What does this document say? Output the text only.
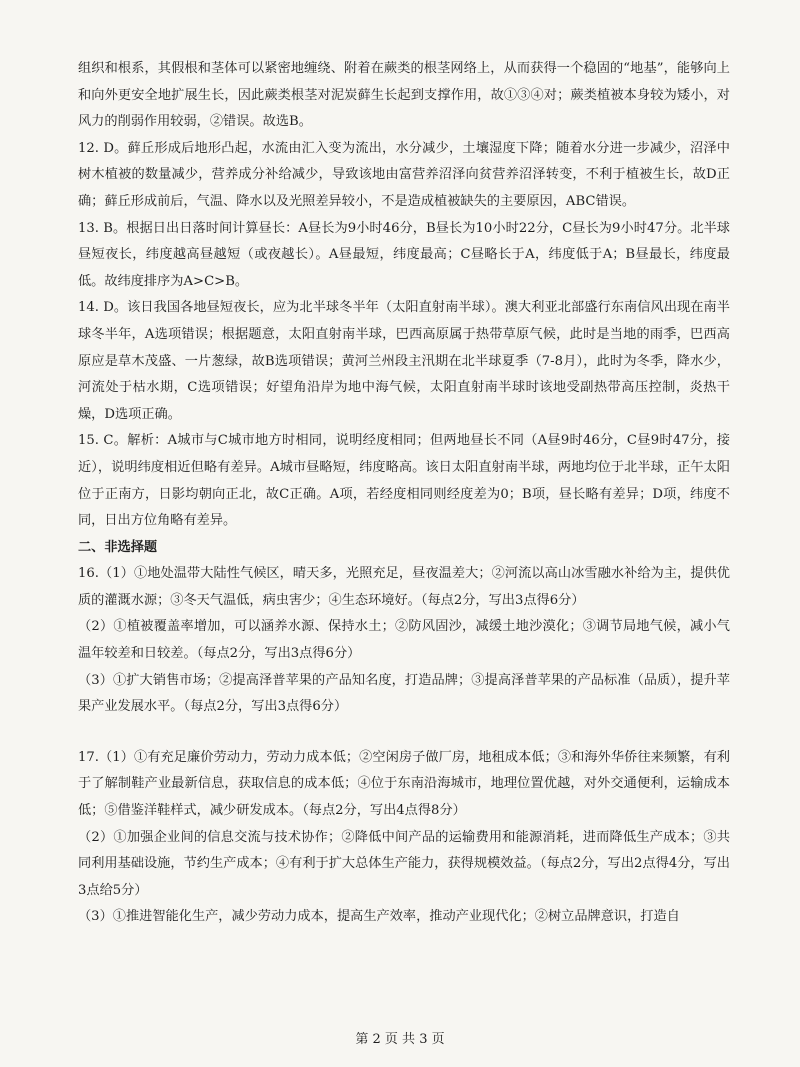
组织和根系，其假根和茎体可以紧密地缠绕、附着在蕨类的根茎网络上，从而获得一个稳固的“地基”，能够向上和向外更安全地扩展生长，因此蕨类根茎对泥炭藓生长起到支撑作用，故①③④对；蕨类植被本身较为矮小，对风力的削弱作用较弱，②错误。故选B。

12. D。藓丘形成后地形凸起，水流由汇入变为流出，水分减少，土壤湿度下降；随着水分进一步减少，沼泽中树木植被的数量减少，营养成分补给减少，导致该地由富营养沼泽向贫营养沼泽转变，不利于植被生长，故D正确；藓丘形成前后，气温、降水以及光照差异较小，不是造成植被缺失的主要原因，ABC错误。

13. B。根据日出日落时间计算昼长：A昼长为9小时46分，B昼长为10小时22分，C昼长为9小时47分。北半球昼短夜长，纬度越高昼越短（或夜越长）。A昼最短，纬度最高；C昼略长于A，纬度低于A；B昼最长，纬度最低。故纬度排序为A>C>B。

14. D。该日我国各地昼短夜长，应为北半球冬半年（太阳直射南半球）。澳大利亚北部盛行东南信风出现在南半球冬半年，A选项错误；根据题意，太阳直射南半球，巴西高原属于热带草原气候，此时是当地的雨季，巴西高原应是草木茂盛、一片葱绿，故B选项错误；黄河兰州段主汛期在北半球夏季（7-8月），此时为冬季，降水少，河流处于枯水期，C选项错误；好望角沿岸为地中海气候，太阳直射南半球时该地受副热带高压控制，炎热干燥，D选项正确。

15. C。解析：A城市与C城市地方时相同，说明经度相同；但两地昼长不同（A昼9时46分，C昼9时47分，接近），说明纬度相近但略有差异。A城市昼略短，纬度略高。该日太阳直射南半球，两地均位于北半球，正午太阳位于正南方，日影均朝向正北，故C正确。A项，若经度相同则经度差为0；B项，昼长略有差异；D项，纬度不同，日出方位角略有差异。

二、非选择题

16.（1）①地处温带大陆性气候区，晴天多，光照充足，昼夜温差大；②河流以高山冰雪融水补给为主，提供优质的灌溉水源；③冬天气温低，病虫害少；④生态环境好。（每点2分，写出3点得6分）

（2）①植被覆盖率增加，可以涵养水源、保持水土；②防风固沙，减缓土地沙漠化；③调节局地气候，减小气温年较差和日较差。（每点2分，写出3点得6分）

（3）①扩大销售市场；②提高泽普苹果的产品知名度，打造品牌；③提高泽普苹果的产品标准（品质），提升苹果产业发展水平。（每点2分，写出3点得6分）

17.（1）①有充足廉价劳动力，劳动力成本低；②空闲房子做厂房，地租成本低；③和海外华侨往来频繁，有利于了解制鞋产业最新信息，获取信息的成本低；④位于东南沿海城市，地理位置优越，对外交通便利，运输成本低；⑤借鉴洋鞋样式，减少研发成本。（每点2分，写出4点得8分）

（2）①加强企业间的信息交流与技术协作；②降低中间产品的运输费用和能源消耗，进而降低生产成本；③共同利用基础设施，节约生产成本；④有利于扩大总体生产能力，获得规模效益。（每点2分，写出2点得4分，写出3点给5分）

（3）①推进智能化生产，减少劳动力成本，提高生产效率，推动产业现代化；②树立品牌意识，打造自

第 2 页 共 3 页
